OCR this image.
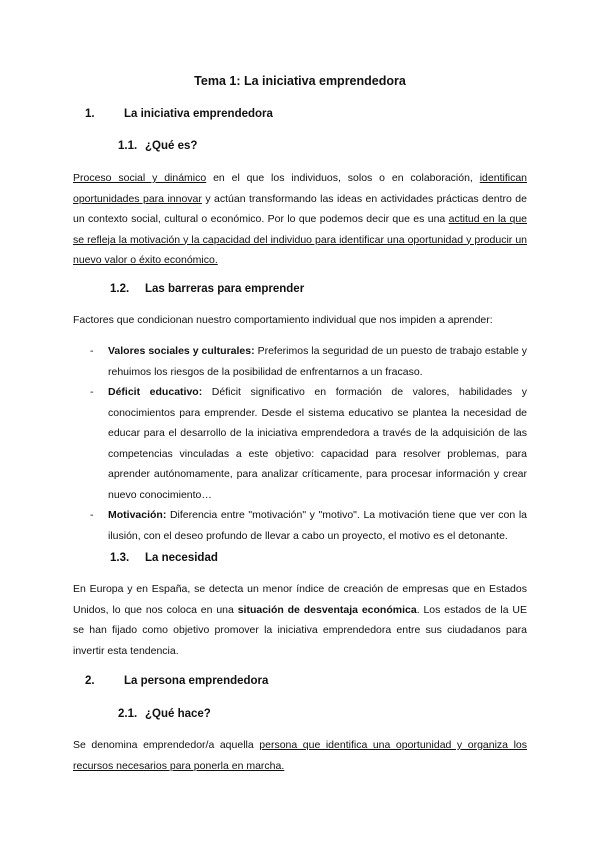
Tema 1: La iniciativa emprendedora
1.	La iniciativa emprendedora
1.1. ¿Qué es?

Proceso social y dinámico en el que los individuos, solos o en colaboración, identifican oportunidades para innovar y actúan transformando las ideas en actividades prácticas dentro de un contexto social, cultural o económico. Por lo que podemos decir que es una actitud en la que se refleja la motivación y la capacidad del individuo para identificar una oportunidad y producir un nuevo valor o éxito económico.

1.2. Las barreras para emprender

Factores que condicionan nuestro comportamiento individual que nos impiden a aprender:

- Valores sociales y culturales: Preferimos la seguridad de un puesto de trabajo estable y rehuimos los riesgos de la posibilidad de enfrentarnos a un fracaso.
- Déficit educativo: Déficit significativo en formación de valores, habilidades y conocimientos para emprender. Desde el sistema educativo se plantea la necesidad de educar para el desarrollo de la iniciativa emprendedora a través de la adquisición de las competencias vinculadas a este objetivo: capacidad para resolver problemas, para aprender autónomamente, para analizar críticamente, para procesar información y crear nuevo conocimiento…
- Motivación: Diferencia entre "motivación" y "motivo". La motivación tiene que ver con la ilusión, con el deseo profundo de llevar a cabo un proyecto, el motivo es el detonante.
1.3. La necesidad

En Europa y en España, se detecta un menor índice de creación de empresas que en Estados Unidos, lo que nos coloca en una situación de desventaja económica. Los estados de la UE se han fijado como objetivo promover la iniciativa emprendedora entre sus ciudadanos para invertir esta tendencia.

2.	La persona emprendedora
2.1. ¿Qué hace?

Se denomina emprendedor/a aquella persona que identifica una oportunidad y organiza los recursos necesarios para ponerla en marcha.
